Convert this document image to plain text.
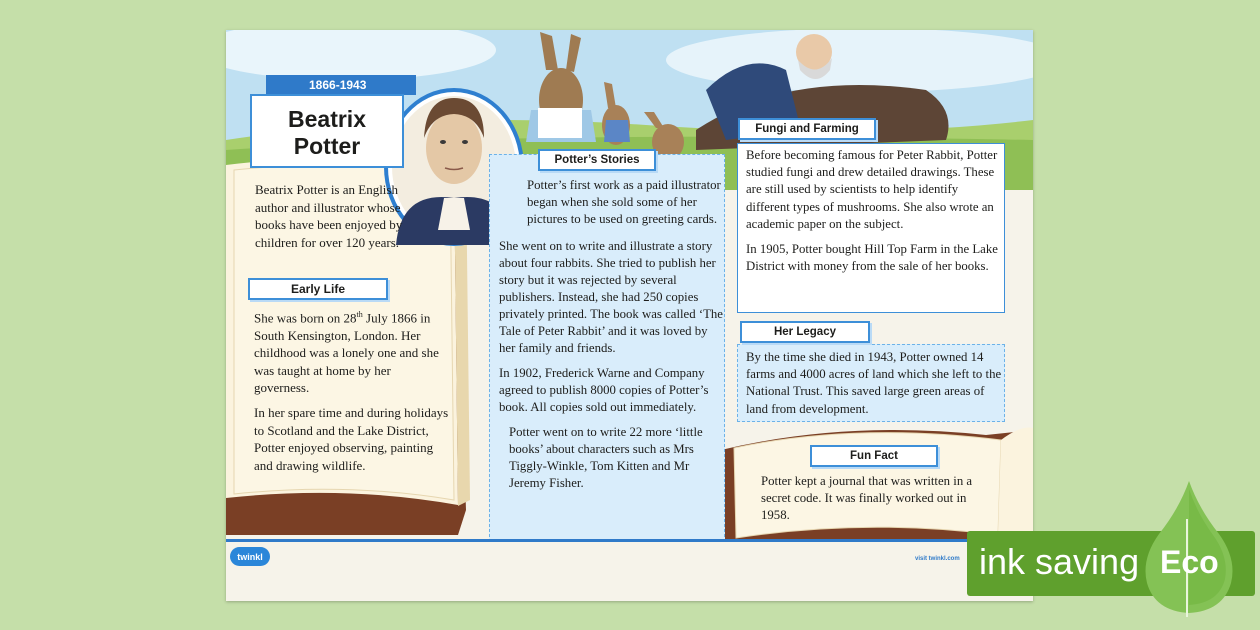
1866-1943
Beatrix Potter
Beatrix Potter is an English author and illustrator whose books have been enjoyed by children for over 120 years.
Early Life

She was born on 28th July 1866 in South Kensington, London. Her childhood was a lonely one and she was taught at home by her governess.

In her spare time and during holidays to Scotland and the Lake District, Potter enjoyed observing, painting and drawing wildlife.

Potter’s Stories

Potter’s first work as a paid illustrator began when she sold some of her pictures to be used on greeting cards.

She went on to write and illustrate a story about four rabbits. She tried to publish her story but it was rejected by several publishers. Instead, she had 250 copies privately printed. The book was called ‘The Tale of Peter Rabbit’ and it was loved by her family and friends.

In 1902, Frederick Warne and Company agreed to publish 8000 copies of Potter’s book. All copies sold out immediately.

Potter went on to write 22 more ‘little books’ about characters such as Mrs Tiggly-Winkle, Tom Kitten and Mr Jeremy Fisher.

Fungi and Farming

Before becoming famous for Peter Rabbit, Potter studied fungi and drew detailed drawings. These are still used by scientists to help identify different types of mushrooms. She also wrote an academic paper on the subject.

In 1905, Potter bought Hill Top Farm in the Lake District with money from the sale of her books.

Her Legacy

By the time she died in 1943, Potter owned 14 farms and 4000 acres of land which she left to the National Trust. This saved large green areas of land from development.

Fun Fact

Potter kept a journal that was written in a secret code. It was finally worked out in 1958.

twinkl	visit twinkl.com ink saving Eco
